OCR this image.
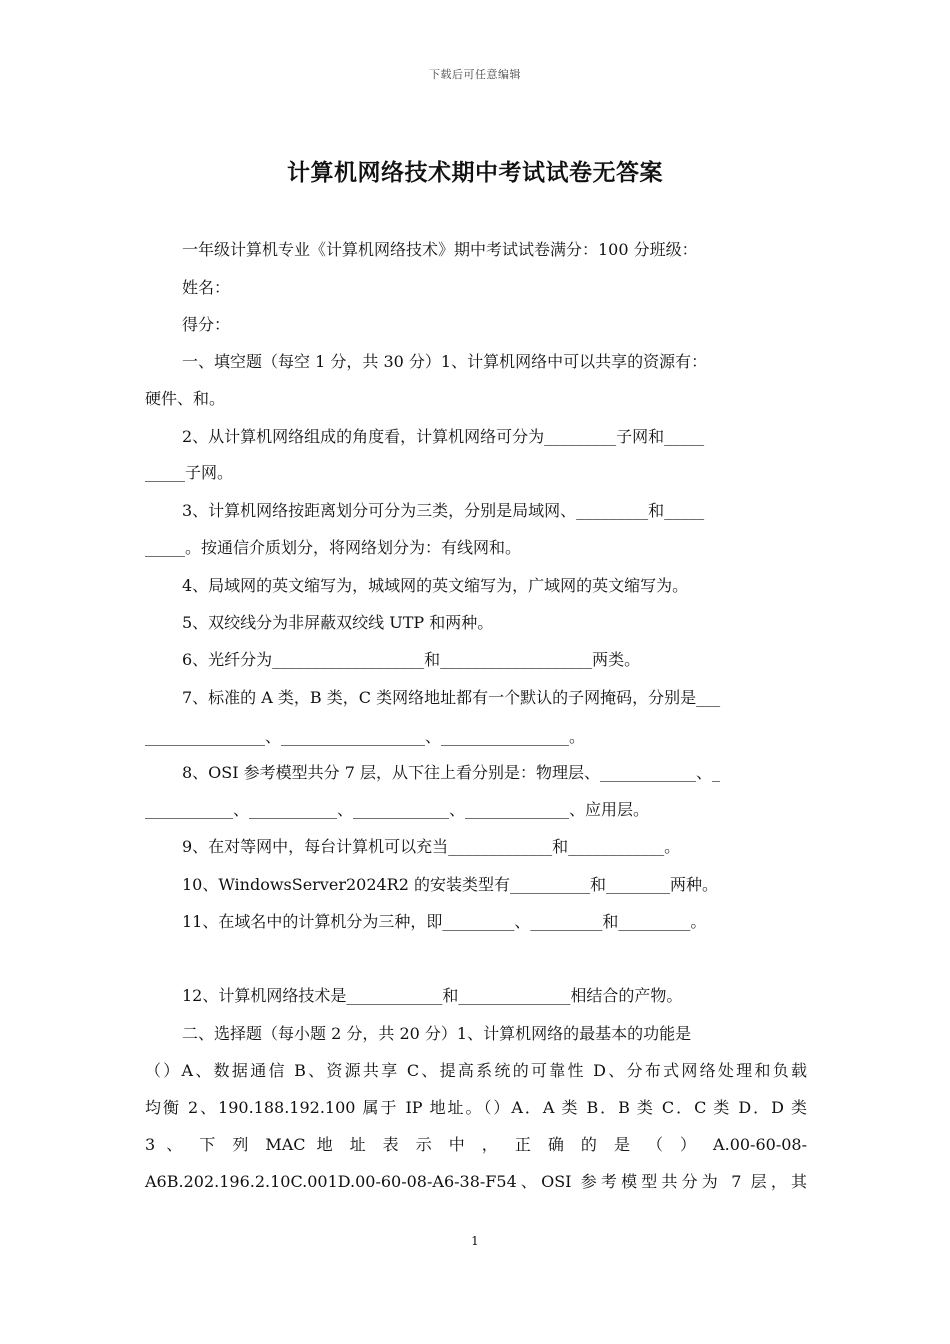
下载后可任意编辑
计算机网络技术期中考试试卷无答案
一年级计算机专业《计算机网络技术》期中考试试卷满分：100 分班级：
姓名：
得分：
一、填空题（每空 1 分，共 30 分）1、计算机网络中可以共享的资源有：
硬件、和。
2、从计算机网络组成的角度看，计算机网络可分为_________子网和_____
_____子网。
3、计算机网络按距离划分可分为三类，分别是局域网、_________和_____
_____。按通信介质划分，将网络划分为：有线网和。
4、局域网的英文缩写为，城域网的英文缩写为，广域网的英文缩写为。
5、双绞线分为非屏蔽双绞线 UTP 和两种。
6、光纤分为___________________和___________________两类。
7、标准的 A 类，B 类，C 类网络地址都有一个默认的子网掩码，分别是___
_______________、__________________、________________。
8、OSI 参考模型共分 7 层，从下往上看分别是：物理层、____________、_
___________、___________、____________、_____________、应用层。
9、在对等网中，每台计算机可以充当_____________和____________。
10、WindowsServer2024R2 的安装类型有__________和________两种。
11、在域名中的计算机分为三种，即_________、_________和_________。
12、计算机网络技术是____________和______________相结合的产物。
二、选择题（每小题 2 分，共 20 分）1、计算机网络的最基本的功能是
（）A、数据通信 B、资源共享 C、提高系统的可靠性 D、分布式网络处理和负载
均衡 2、190.188.192.100 属于 IP 地址。（）A．A 类 B．B 类 C．C 类 D．D 类
3 、 下 列 MAC 地 址 表 示 中 ， 正 确 的 是 （ ） A.00-60-08-
A6B.202.196.2.10C.001D.00-60-08-A6-38-F54、OSI 参考模型共分为 7 层，其
1
